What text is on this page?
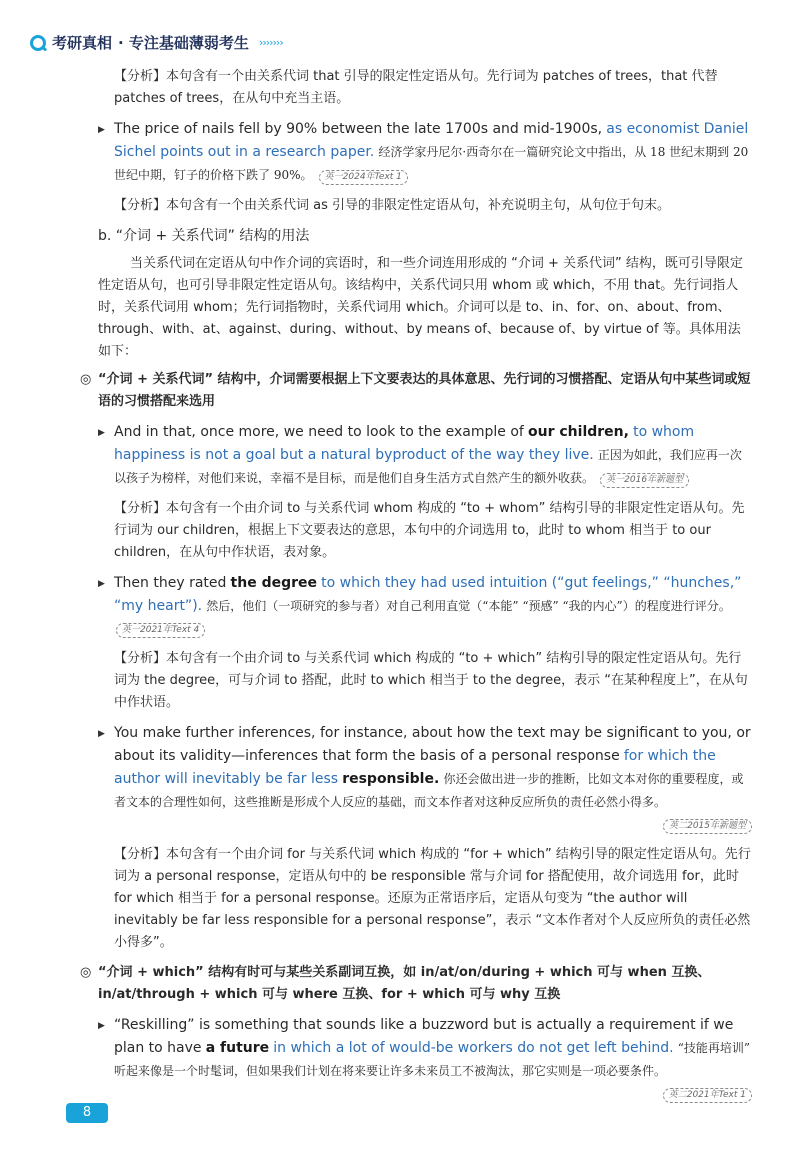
考研真相 · 专注基础薄弱考生 ›››››››
【分析】本句含有一个由关系代词 that 引导的限定性定语从句。先行词为 patches of trees，that 代替 patches of trees，在从句中充当主语。
▶ The price of nails fell by 90% between the late 1700s and mid-1900s, as economist Daniel Sichel points out in a research paper. 经济学家丹尼尔·西奇尔在一篇研究论文中指出，从 18 世纪末期到 20 世纪中期，钉子的价格下跌了 90%。 英一2024年Text 1
【分析】本句含有一个由关系代词 as 引导的非限定性定语从句，补充说明主句，从句位于句末。
b. “介词 + 关系代词” 结构的用法
当关系代词在定语从句中作介词的宾语时，和一些介词连用形成的 “介词 + 关系代词” 结构，既可引导限定性定语从句，也可引导非限定性定语从句。该结构中，关系代词只用 whom 或 which，不用 that。先行词指人时，关系代词用 whom；先行词指物时，关系代词用 which。介词可以是 to、in、for、on、about、from、through、with、at、against、during、without、by means of、because of、by virtue of 等。具体用法如下：
◎ “介词 + 关系代词” 结构中，介词需要根据上下文要表达的具体意思、先行词的习惯搭配、定语从句中某些词或短语的习惯搭配来选用
▶ And in that, once more, we need to look to the example of our children, to whom happiness is not a goal but a natural byproduct of the way they live. 正因为如此，我们应再一次以孩子为榜样，对他们来说，幸福不是目标，而是他们自身生活方式自然产生的额外收获。 英一2016年新题型
【分析】本句含有一个由介词 to 与关系代词 whom 构成的 “to + whom” 结构引导的非限定性定语从句。先行词为 our children，根据上下文要表达的意思，本句中的介词选用 to，此时 to whom 相当于 to our children，在从句中作状语，表对象。
▶ Then they rated the degree to which they had used intuition (“gut feelings,” “hunches,” “my heart”). 然后，他们（一项研究的参与者）对自己利用直觉（“本能” “预感” “我的内心”）的程度进行评分。 英一2021年Text 4
【分析】本句含有一个由介词 to 与关系代词 which 构成的 “to + which” 结构引导的限定性定语从句。先行词为 the degree，可与介词 to 搭配，此时 to which 相当于 to the degree，表示 “在某种程度上”，在从句中作状语。
▶ You make further inferences, for instance, about how the text may be significant to you, or about its validity—inferences that form the basis of a personal response for which the author will inevitably be far less responsible. 你还会做出进一步的推断，比如文本对你的重要程度，或者文本的合理性如何，这些推断是形成个人反应的基础，而文本作者对这种反应所负的责任必然小得多。
英二2015年新题型
【分析】本句含有一个由介词 for 与关系代词 which 构成的 “for + which” 结构引导的限定性定语从句。先行词为 a personal response，定语从句中的 be responsible 常与介词 for 搭配使用，故介词选用 for，此时 for which 相当于 for a personal response。还原为正常语序后，定语从句变为 “the author will inevitably be far less responsible for a personal response”，表示 “文本作者对个人反应所负的责任必然小得多”。
◎ “介词 + which” 结构有时可与某些关系副词互换，如 in/at/on/during + which 可与 when 互换、in/at/through + which 可与 where 互换、for + which 可与 why 互换
▶ “Reskilling” is something that sounds like a buzzword but is actually a requirement if we plan to have a future in which a lot of would-be workers do not get left behind. “技能再培训” 听起来像是一个时髦词，但如果我们计划在将来要让许多未来员工不被淘汰，那它实则是一项必要条件。
英二2021年Text 1
8
